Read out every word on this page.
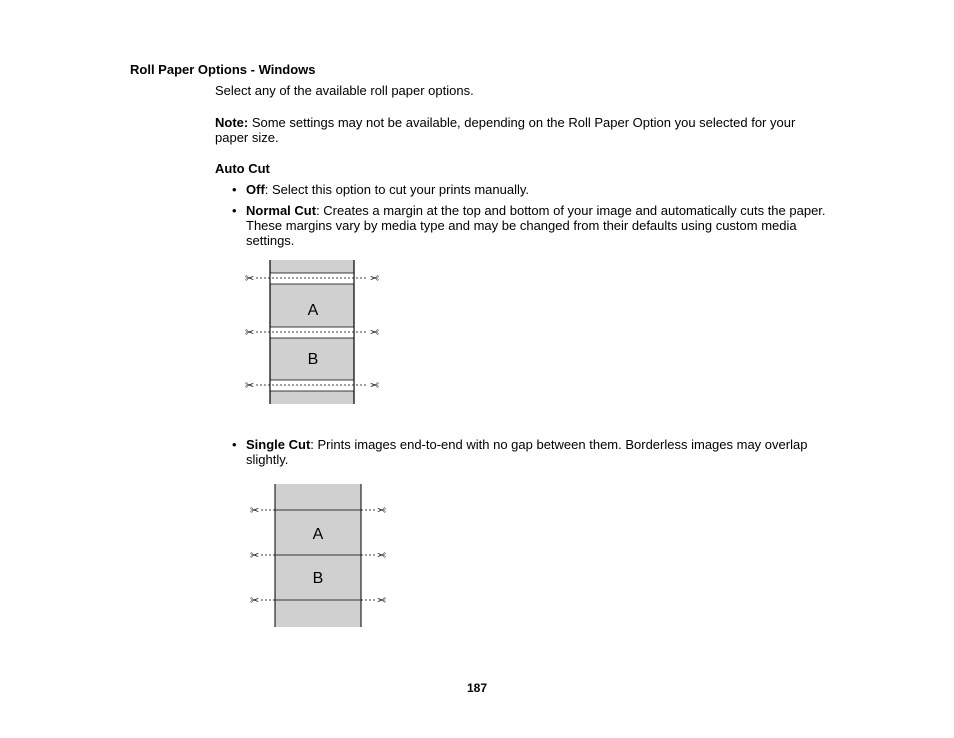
Roll Paper Options - Windows
Select any of the available roll paper options.
Note: Some settings may not be available, depending on the Roll Paper Option you selected for your paper size.
Auto Cut
• Off: Select this option to cut your prints manually.
• Normal Cut: Creates a margin at the top and bottom of your image and automatically cuts the paper. These margins vary by media type and may be changed from their defaults using custom media settings.
✂	✂
✂	✂
✂	✂
A
B
• Single Cut: Prints images end-to-end with no gap between them. Borderless images may overlap slightly.
✂	✂
✂	✂
✂	✂
A
B
187
